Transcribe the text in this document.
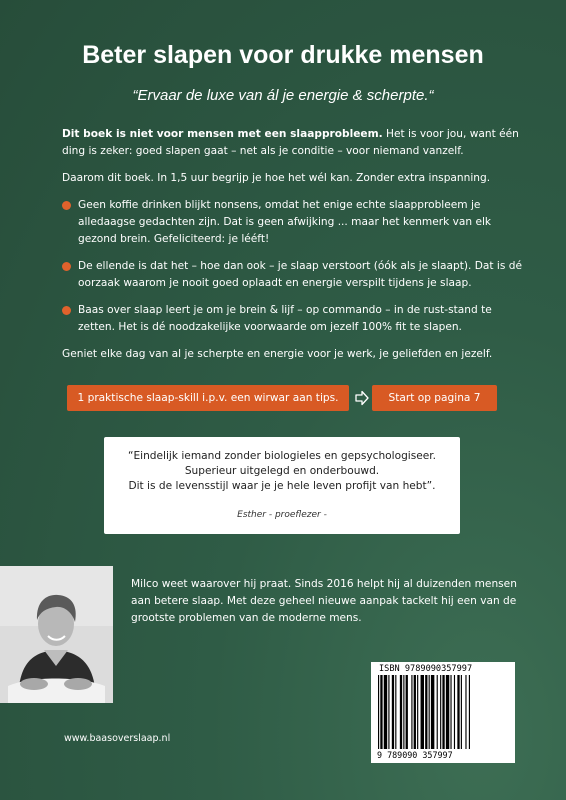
Beter slapen voor drukke mensen
“Ervaar de luxe van ál je energie & scherpte.“

Dit boek is niet voor mensen met een slaapprobleem. Het is voor jou, want één ding is zeker: goed slapen gaat – net als je conditie – voor niemand vanzelf.

Daarom dit boek. In 1,5 uur begrijp je hoe het wél kan. Zonder extra inspanning.

Geen koffie drinken blijkt nonsens, omdat het enige echte slaapprobleem je alledaagse gedachten zijn. Dat is geen afwijking ... maar het kenmerk van elk gezond brein. Gefeliciteerd: je lééft!
De ellende is dat het – hoe dan ook – je slaap verstoort (óók als je slaapt). Dat is dé oorzaak waarom je nooit goed oplaadt en energie verspilt tijdens je slaap.
Baas over slaap leert je om je brein & lijf – op commando – in de rust-stand te zetten. Het is dé noodzakelijke voorwaarde om jezelf 100% fit te slapen.

Geniet elke dag van al je scherpte en energie voor je werk, je geliefden en jezelf.

1 praktische slaap-skill i.p.v. een wirwar aan tips.	Start op pagina 7
“Eindelijk iemand zonder biologieles en gepsychologiseer.
Superieur uitgelegd en onderbouwd.
Dit is de levensstijl waar je je hele leven profijt van hebt”.
Esther - proeflezer -
Milco weet waarover hij praat. Sinds 2016 helpt hij al duizenden mensen aan betere slaap. Met deze geheel nieuwe aanpak tackelt hij een van de grootste problemen van de moderne mens.
ISBN 9789090357997
9 789090 357997
www.baasoverslaap.nl
